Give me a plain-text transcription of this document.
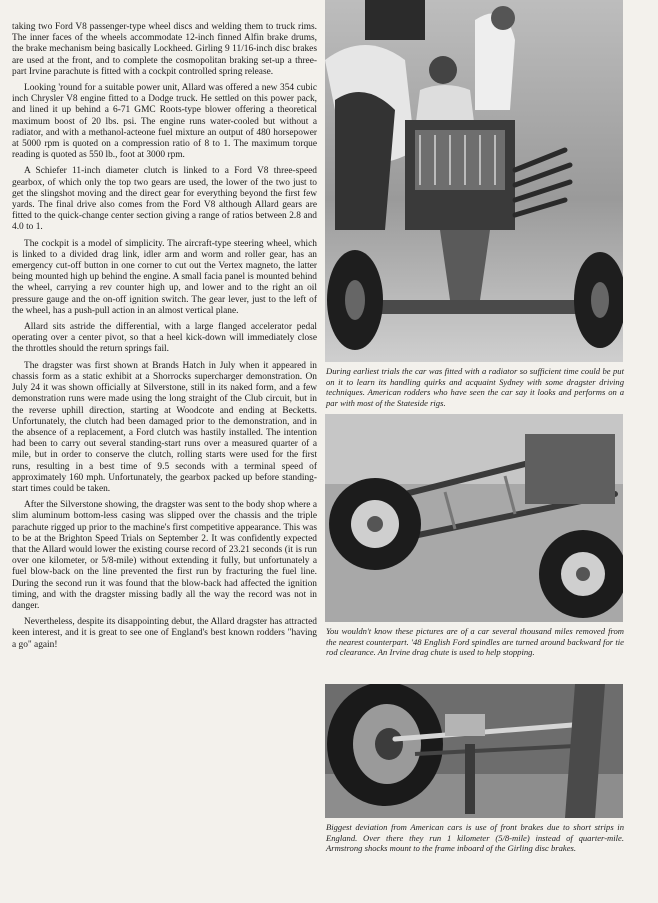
taking two Ford V8 passenger-type wheel discs and welding them to truck rims. The inner faces of the wheels accommodate 12-inch finned Alfin brake drums, the brake mechanism being basically Lockheed. Girling 9 11/16-inch disc brakes are used at the front, and to complete the cosmopolitan braking set-up a three-part Irvine parachute is fitted with a cockpit controlled spring release.

Looking 'round for a suitable power unit, Allard was offered a new 354 cubic inch Chrysler V8 engine fitted to a Dodge truck. He settled on this power pack, and lined it up behind a 6-71 GMC Roots-type blower offering a theoretical maximum boost of 20 lbs. psi. The engine runs water-cooled but without a radiator, and with a methanol-acteone fuel mixture an output of 480 horsepower at 5000 rpm is quoted on a compression ratio of 8 to 1. The maximum torque reading is quoted as 550 lb., foot at 3000 rpm.

A Schiefer 11-inch diameter clutch is linked to a Ford V8 three-speed gearbox, of which only the top two gears are used, the lower of the two just to get the slingshot moving and the direct gear for everything beyond the first few yards. The final drive also comes from the Ford V8 although Allard gears are fitted to the quick-change center section giving a range of ratios between 2.8 and 4.0 to 1.

The cockpit is a model of simplicity. The aircraft-type steering wheel, which is linked to a divided drag link, idler arm and worm and roller gear, has an emergency cut-off button in one corner to cut out the Vertex magneto, the latter being mounted high up behind the engine. A small facia panel is mounted behind the wheel, carrying a rev counter high up, and lower and to the right an oil pressure gauge and the on-off ignition switch. The gear lever, just to the left of the wheel, has a push-pull action in an almost vertical plane.

Allard sits astride the differential, with a large flanged accelerator pedal operating over a center pivot, so that a heel kick-down will immediately close the throttles should the return springs fail.

The dragster was first shown at Brands Hatch in July when it appeared in chassis form as a static exhibit at a Shorrocks supercharger demonstration. On July 24 it was shown officially at Silverstone, still in its naked form, and a few demonstration runs were made using the long straight of the Club circuit, but in the reverse uphill direction, starting at Woodcote and ending at Becketts. Unfortunately, the clutch had been damaged prior to the demonstration, and in the absence of a replacement, a Ford clutch was hastily installed. The intention had been to carry out several standing-start runs over a measured quarter of a mile, but in order to conserve the clutch, rolling starts were used for the first runs, resulting in a best time of 9.5 seconds with a terminal speed of approximately 160 mph. Unfortunately, the gearbox packed up before standing-start times could be taken.

After the Silverstone showing, the dragster was sent to the body shop where a slim aluminum bottom-less casing was slipped over the chassis and the triple parachute rigged up prior to the machine's first competitive appearance. This was to be at the Brighton Speed Trials on September 2. It was confidently expected that the Allard would lower the existing course record of 23.21 seconds (it is run over one kilometer, or 5/8-mile) without extending it fully, but unfortunately a fuel blow-back on the line prevented the first run by fracturing the fuel line. During the second run it was found that the blow-back had affected the ignition timing, and with the dragster missing badly all the way the record was not in danger.

Nevertheless, despite its disappointing debut, the Allard dragster has attracted keen interest, and it is great to see one of England's best known rodders "having a go" again!

During earliest trials the car was fitted with a radiator so sufficient time could be put on it to learn its handling quirks and acquaint Sydney with some dragster driving techniques. American rodders who have seen the car say it looks and performs on a par with most of the Stateside rigs.

You wouldn't know these pictures are of a car several thousand miles removed from the nearest counterpart. '48 English Ford spindles are turned around backward for tie rod clearance. An Irvine drag chute is used to help stopping.

Biggest deviation from American cars is use of front brakes due to short strips in England. Over there they run 1 kilometer (5/8-mile) instead of quarter-mile. Armstrong shocks mount to the frame inboard of the Girling disc brakes.
